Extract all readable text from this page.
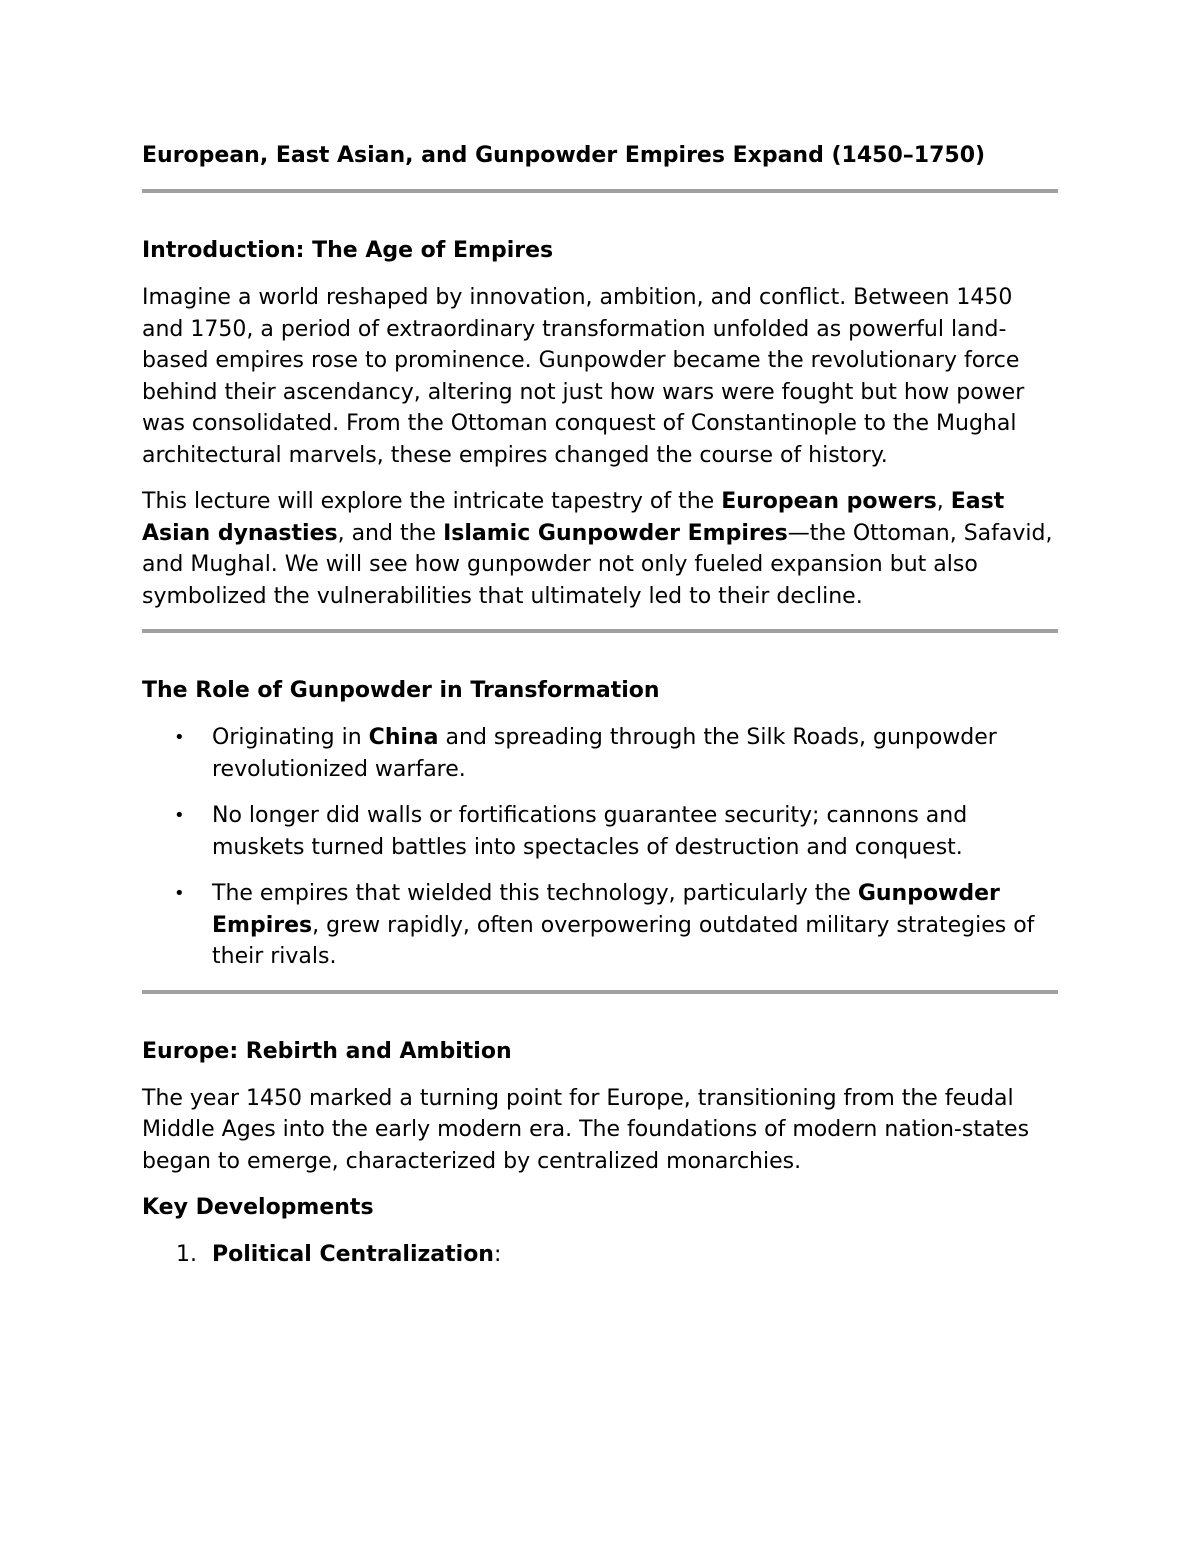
European, East Asian, and Gunpowder Empires Expand (1450–1750)
Introduction: The Age of Empires

Imagine a world reshaped by innovation, ambition, and conflict. Between 1450 and 1750, a period of extraordinary transformation unfolded as powerful land-based empires rose to prominence. Gunpowder became the revolutionary force behind their ascendancy, altering not just how wars were fought but how power was consolidated. From the Ottoman conquest of Constantinople to the Mughal architectural marvels, these empires changed the course of history.

This lecture will explore the intricate tapestry of the European powers, East Asian dynasties, and the Islamic Gunpowder Empires—the Ottoman, Safavid, and Mughal. We will see how gunpowder not only fueled expansion but also symbolized the vulnerabilities that ultimately led to their decline.

The Role of Gunpowder in Transformation
• Originating in China and spreading through the Silk Roads, gunpowder revolutionized warfare.
• No longer did walls or fortifications guarantee security; cannons and muskets turned battles into spectacles of destruction and conquest.
• The empires that wielded this technology, particularly the Gunpowder Empires, grew rapidly, often overpowering outdated military strategies of their rivals.
Europe: Rebirth and Ambition

The year 1450 marked a turning point for Europe, transitioning from the feudal Middle Ages into the early modern era. The foundations of modern nation-states began to emerge, characterized by centralized monarchies.

Key Developments
1. Political Centralization:
